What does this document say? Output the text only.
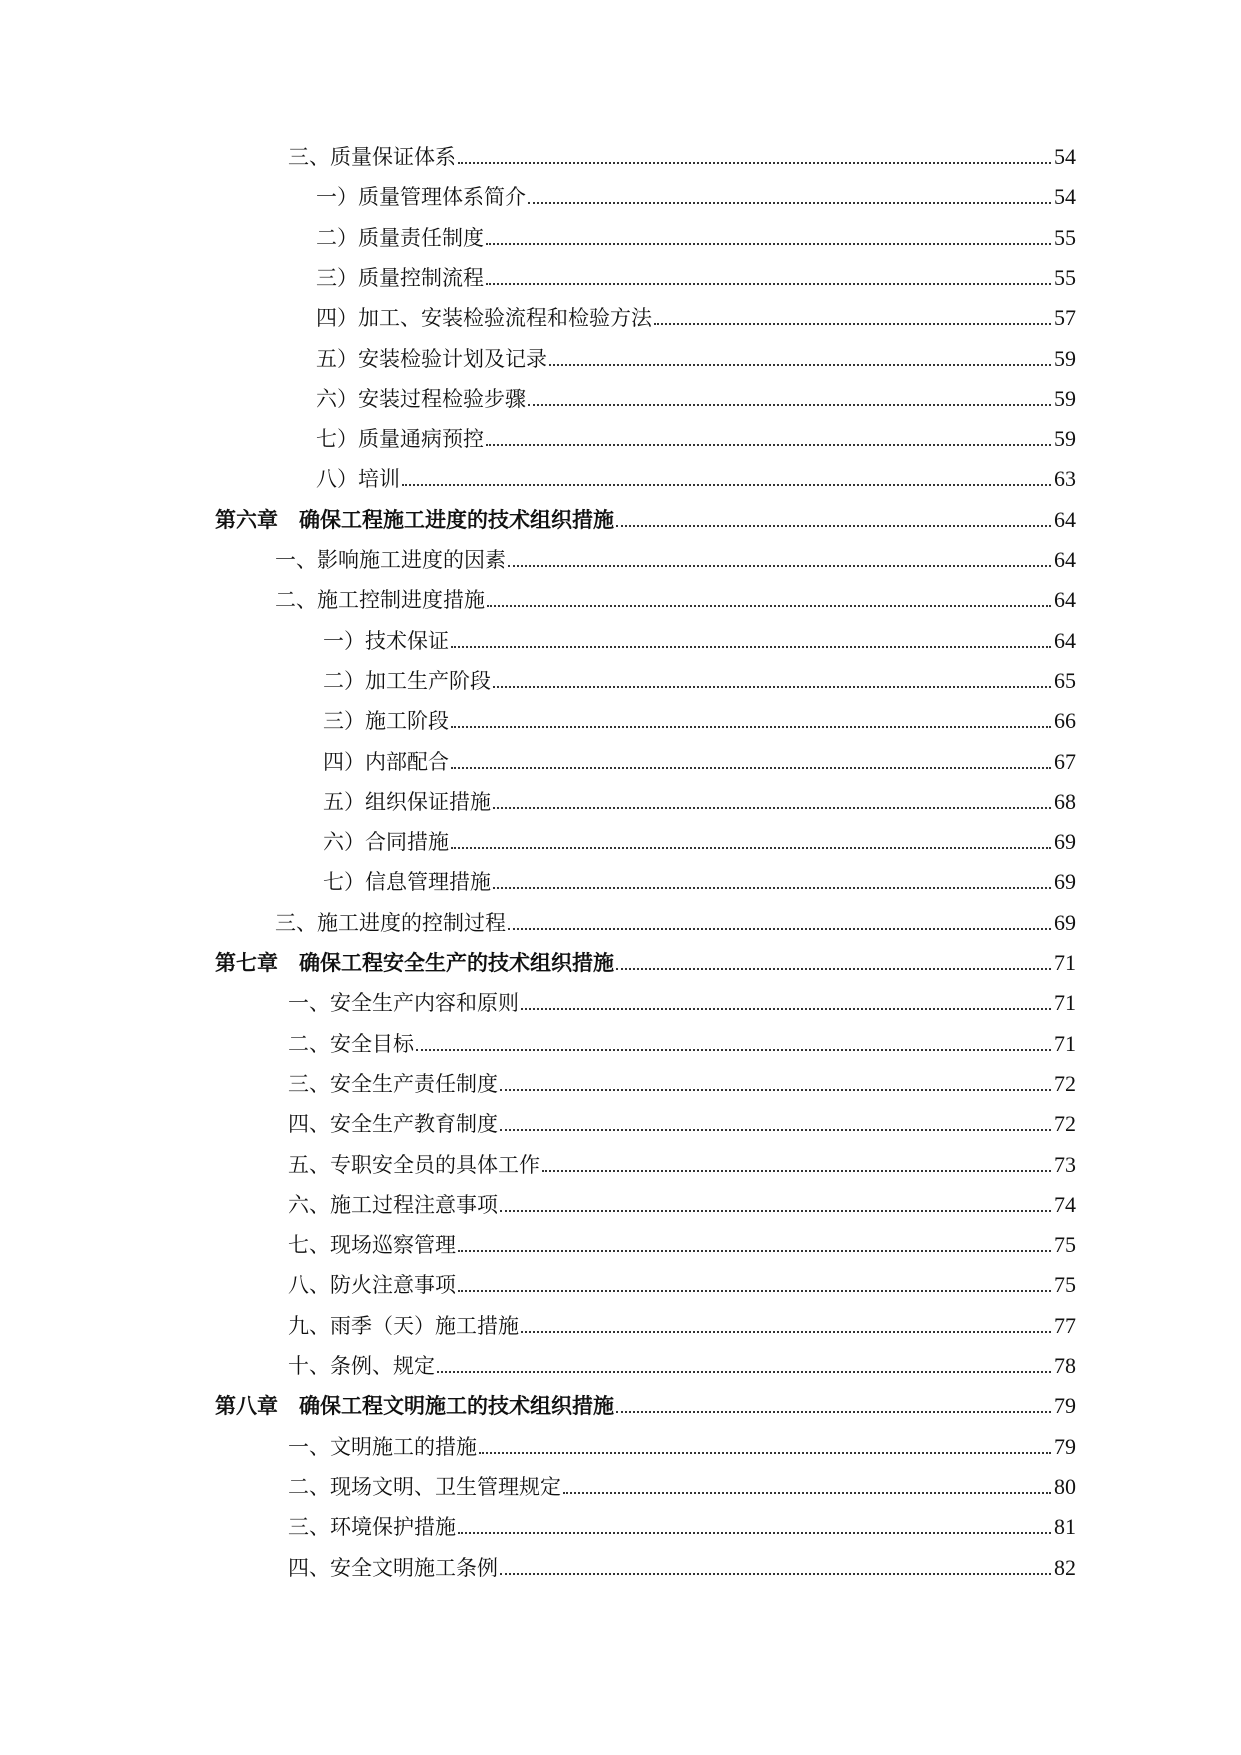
三、质量保证体系	54
一）质量管理体系简介	54
二）质量责任制度	55
三）质量控制流程	55
四）加工、安装检验流程和检验方法	57
五）安装检验计划及记录	59
六）安装过程检验步骤	59
七）质量通病预控	59
八）培训	63
第六章　确保工程施工进度的技术组织措施	64
一、影响施工进度的因素	64
二、施工控制进度措施	64
一）技术保证	64
二）加工生产阶段	65
三）施工阶段	66
四）内部配合	67
五）组织保证措施	68
六）合同措施	69
七）信息管理措施	69
三、施工进度的控制过程	69
第七章　确保工程安全生产的技术组织措施	71
一、安全生产内容和原则	71
二、安全目标	71
三、安全生产责任制度	72
四、安全生产教育制度	72
五、专职安全员的具体工作	73
六、施工过程注意事项	74
七、现场巡察管理	75
八、防火注意事项	75
九、雨季（天）施工措施	77
十、条例、规定	78
第八章　确保工程文明施工的技术组织措施	79
一、文明施工的措施	79
二、现场文明、卫生管理规定	80
三、环境保护措施	81
四、安全文明施工条例	82
